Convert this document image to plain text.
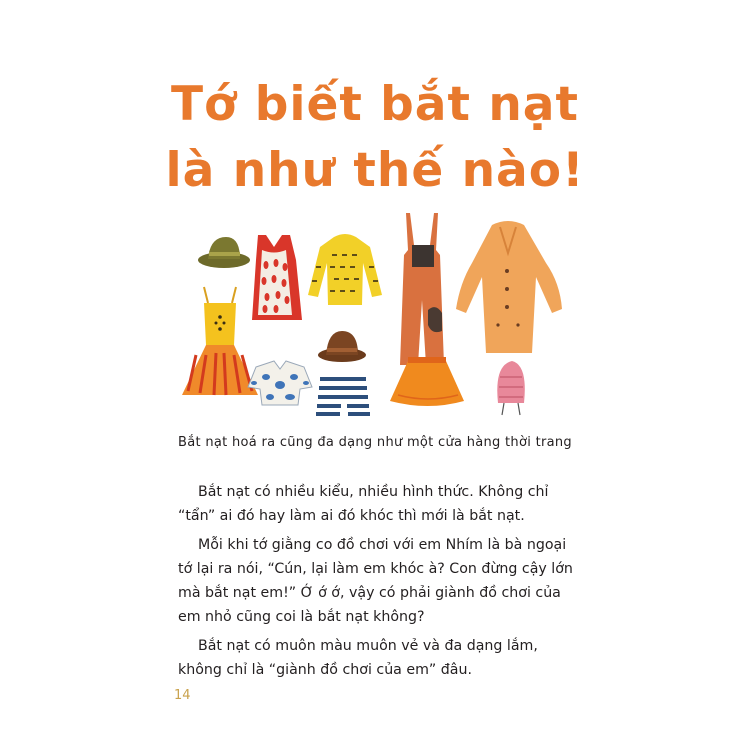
Tớ biết bắt nạt
là như thế nào!
Bắt nạt hoá ra cũng đa dạng như một cửa hàng thời trang

Bắt nạt có nhiều kiểu, nhiều hình thức. Không chỉ “tẩn” ai đó hay làm ai đó khóc thì mới là bắt nạt.

Mỗi khi tớ giằng co đồ chơi với em Nhím là bà ngoại tớ lại ra nói, “Cún, lại làm em khóc à? Con đừng cậy lớn mà bắt nạt em!” Ớ ớ ớ, vậy có phải giành đồ chơi của em nhỏ cũng coi là bắt nạt không?

Bắt nạt có muôn màu muôn vẻ và đa dạng lắm, không chỉ là “giành đồ chơi của em” đâu.

14
